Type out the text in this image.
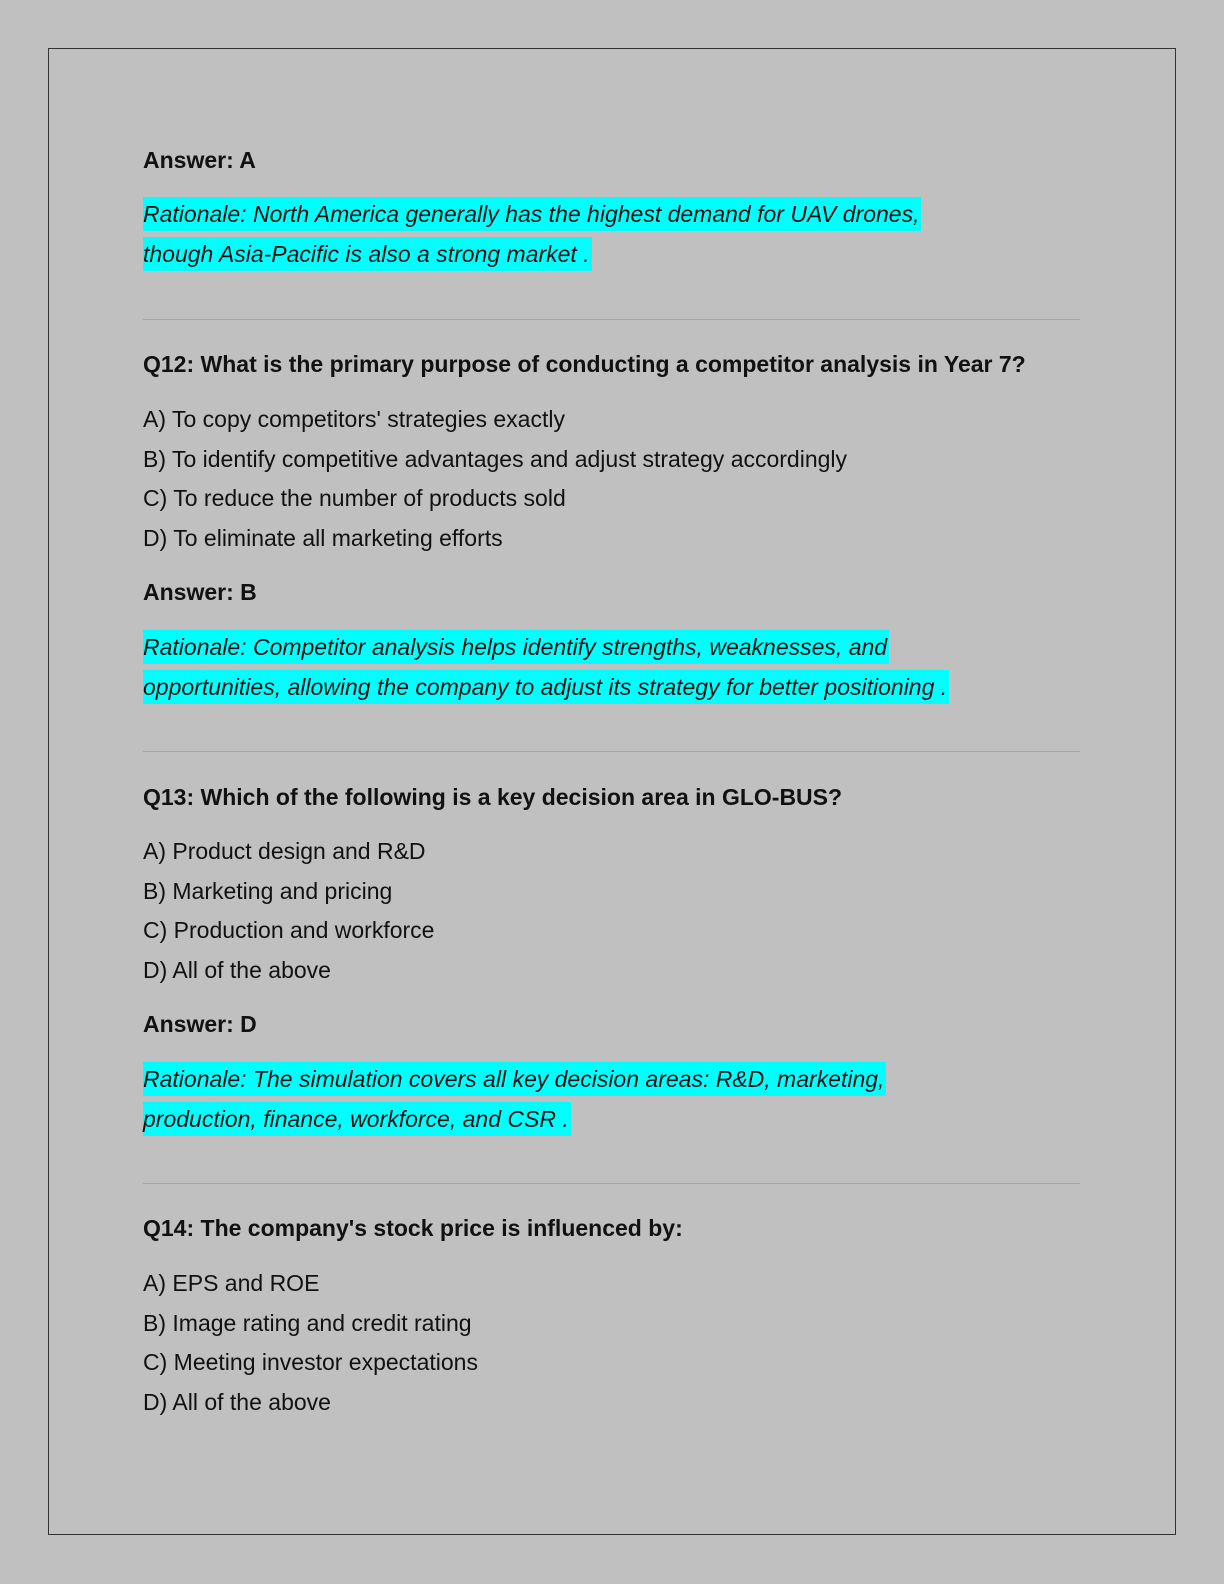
Answer: A
Rationale: North America generally has the highest demand for UAV drones,
though Asia-Pacific is also a strong market .
Q12: What is the primary purpose of conducting a competitor analysis in Year 7?
A) To copy competitors' strategies exactly
B) To identify competitive advantages and adjust strategy accordingly
C) To reduce the number of products sold
D) To eliminate all marketing efforts
Answer: B
Rationale: Competitor analysis helps identify strengths, weaknesses, and
opportunities, allowing the company to adjust its strategy for better positioning .
Q13: Which of the following is a key decision area in GLO-BUS?
A) Product design and R&D
B) Marketing and pricing
C) Production and workforce
D) All of the above
Answer: D
Rationale: The simulation covers all key decision areas: R&D, marketing,
production, finance, workforce, and CSR .
Q14: The company's stock price is influenced by:
A) EPS and ROE
B) Image rating and credit rating
C) Meeting investor expectations
D) All of the above
